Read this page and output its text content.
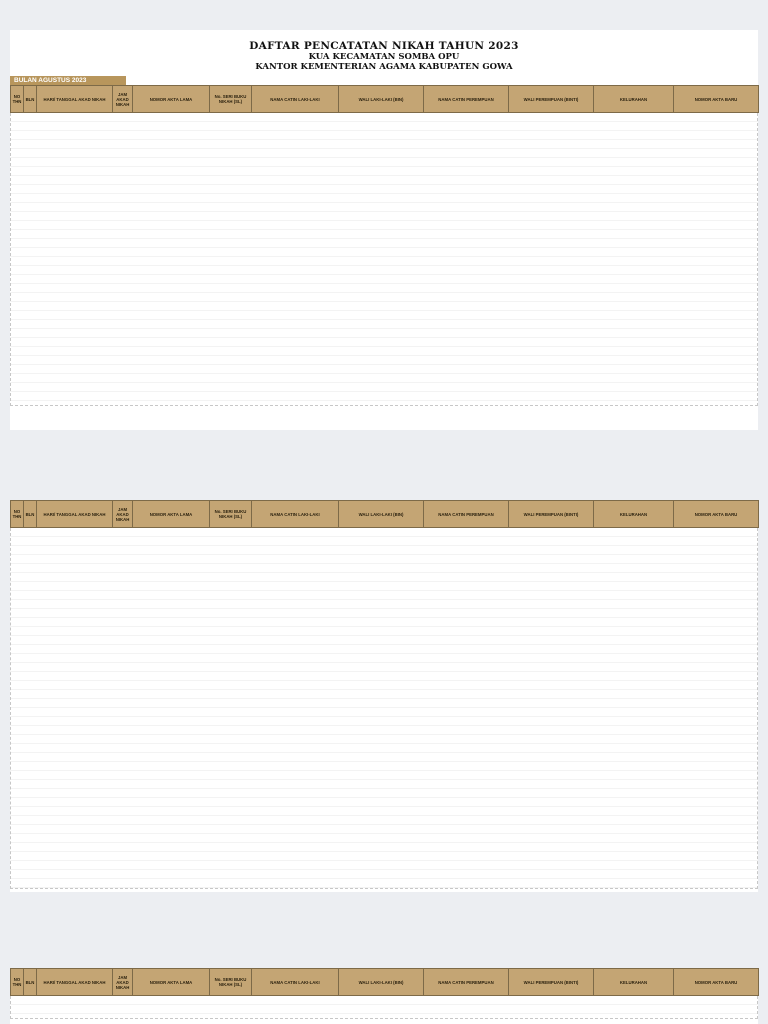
DAFTAR PENCATATAN NIKAH TAHUN 2023
KUA KECAMATAN SOMBA OPU
KANTOR KEMENTERIAN AGAMA KABUPATEN GOWA
BULAN AGUSTUS 2023
NO THN	BLN	HARI/ TANGGAL AKAD NIKAH	JAM AKAD NIKAH	NOMOR AKTA LAMA	No. SERI BUKU NIKAH (SL)	NAMA CATIN LAKI-LAKI	WALI LAKI-LAKI (BIN)	NAMA CATIN PEREMPUAN	WALI PEREMPUAN (BINTI)	KELURAHAN	NOMOR AKTA BARU
NO THN	BLN	HARI/ TANGGAL AKAD NIKAH	JAM AKAD NIKAH	NOMOR AKTA LAMA	No. SERI BUKU NIKAH (SL)	NAMA CATIN LAKI-LAKI	WALI LAKI-LAKI (BIN)	NAMA CATIN PEREMPUAN	WALI PEREMPUAN (BINTI)	KELURAHAN	NOMOR AKTA BARU
NO THN	BLN	HARI/ TANGGAL AKAD NIKAH	JAM AKAD NIKAH	NOMOR AKTA LAMA	No. SERI BUKU NIKAH (SL)	NAMA CATIN LAKI-LAKI	WALI LAKI-LAKI (BIN)	NAMA CATIN PEREMPUAN	WALI PEREMPUAN (BINTI)	KELURAHAN	NOMOR AKTA BARU
